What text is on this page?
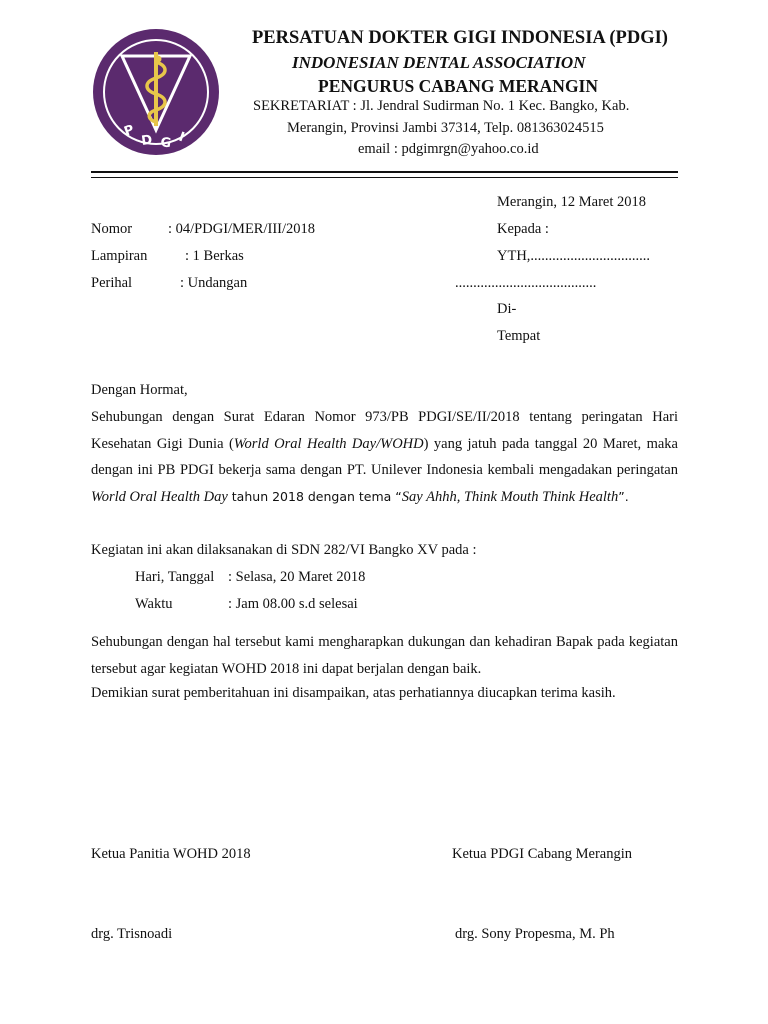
P
D G I
PERSATUAN DOKTER GIGI INDONESIA (PDGI)
INDONESIAN DENTAL ASSOCIATION
PENGURUS CABANG MERANGIN
SEKRETARIAT : Jl. Jendral Sudirman No. 1 Kec. Bangko, Kab.
Merangin, Provinsi Jambi 37314, Telp. 081363024515
email : pdgimrgn@yahoo.co.id
Merangin, 12 Maret 2018
Nomor : 04/PDGI/MER/III/2018
Lampiran	: 1 Berkas
Perihal	: Undangan
Kepada :
YTH,.................................
.......................................
Di-
Tempat
Dengan Hormat,

Sehubungan dengan Surat Edaran Nomor 973/PB PDGI/SE/II/2018 tentang peringatan Hari Kesehatan Gigi Dunia (World Oral Health Day/WOHD) yang jatuh pada tanggal 20 Maret, maka dengan ini PB PDGI bekerja sama dengan PT. Unilever Indonesia kembali mengadakan peringatan World Oral Health Day tahun 2018 dengan tema “Say Ahhh, Think Mouth Think Health”.

Kegiatan ini akan dilaksanakan di SDN 282/VI Bangko XV pada :
Hari, Tanggal : Selasa, 20 Maret 2018
Waktu	: Jam 08.00 s.d selesai

Sehubungan dengan hal tersebut kami mengharapkan dukungan dan kehadiran Bapak pada kegiatan tersebut agar kegiatan WOHD 2018 ini dapat berjalan dengan baik.

Demikian surat pemberitahuan ini disampaikan, atas perhatiannya diucapkan terima kasih.
Ketua Panitia WOHD 2018	Ketua PDGI Cabang Merangin
drg. Trisnoadi	drg. Sony Propesma, M. Ph
